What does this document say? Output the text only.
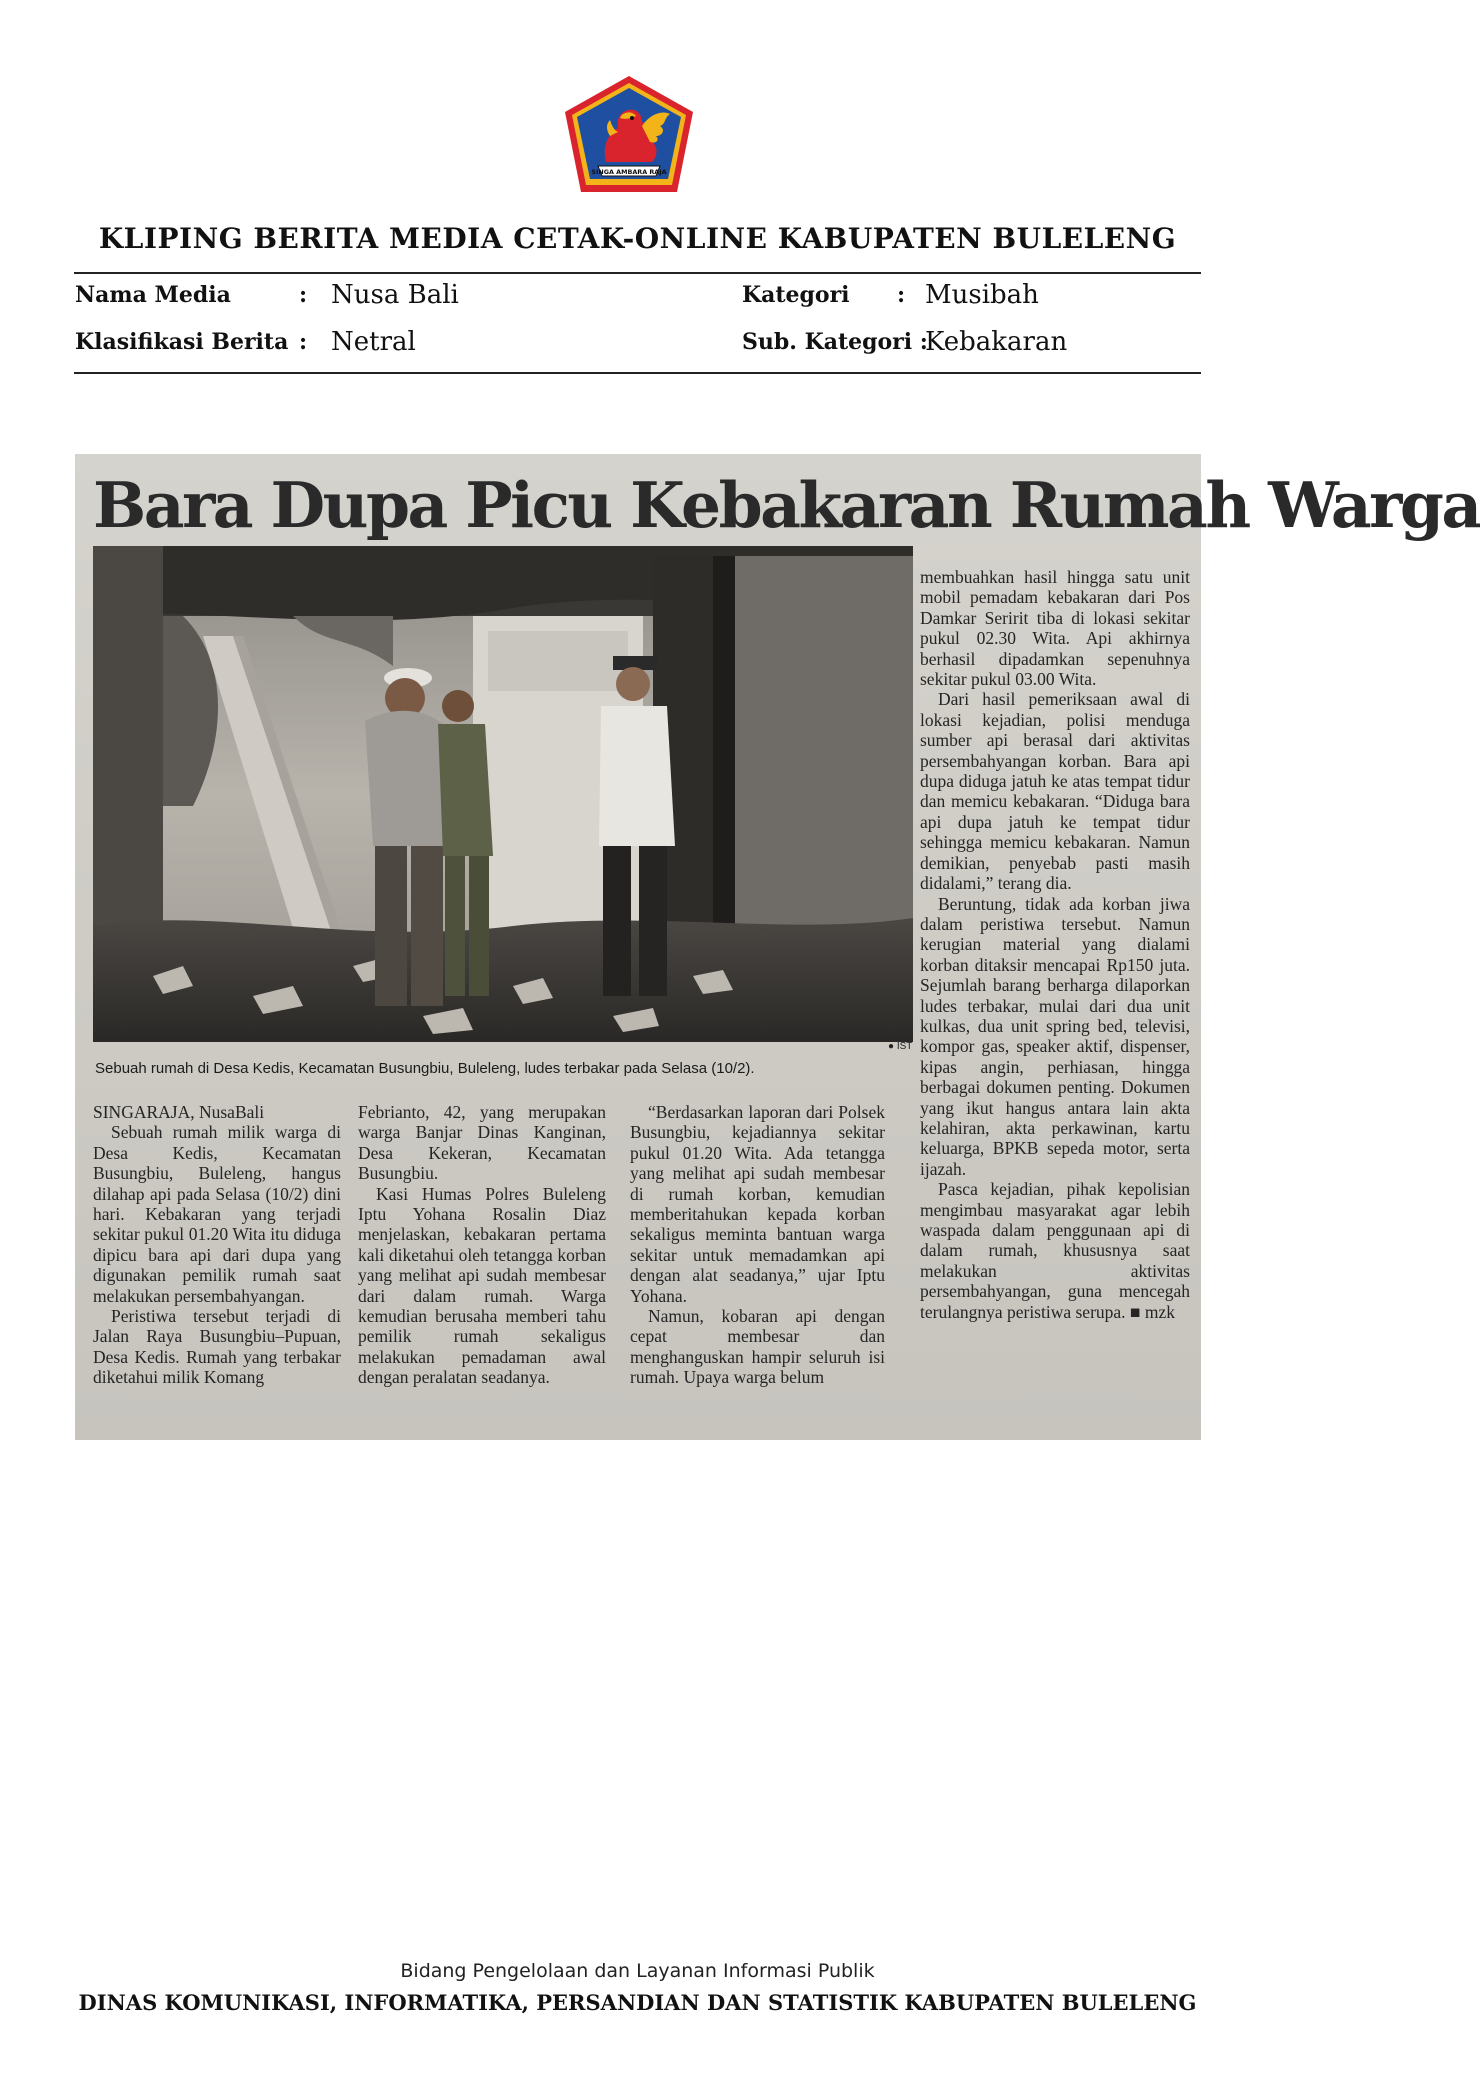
SINGA AMBARA RAJA
KLIPING BERITA MEDIA CETAK-ONLINE KABUPATEN BULELENG
Nama Media	: Nusa Bali	Kategori : Musibah
Klasifikasi Berita : Netral	Sub. Kategori :
Kebakaran
Bara Dupa Picu Kebakaran Rumah Warga
● IST
Sebuah rumah di Desa Kedis, Kecamatan Busungbiu, Buleleng, ludes terbakar pada Selasa (10/2).

SINGARAJA, NusaBali

Sebuah rumah milik warga di Desa Kedis, Kecamatan Busungbiu, Buleleng, hangus dilahap api pada Selasa (10/2) dini hari. Kebakaran yang terjadi sekitar pukul 01.20 Wita itu diduga dipicu bara api dari dupa yang digunakan pemilik rumah saat melakukan persembahyangan.

Peristiwa tersebut terjadi di Jalan Raya Busungbiu–Pupuan, Desa Kedis. Rumah yang terbakar diketahui milik Komang

Febrianto, 42, yang merupakan warga Banjar Dinas Kanginan, Desa Kekeran, Kecamatan Busungbiu.

Kasi Humas Polres Buleleng Iptu Yohana Rosalin Diaz menjelaskan, kebakaran pertama kali diketahui oleh tetangga korban yang melihat api sudah membesar dari dalam rumah. Warga kemudian berusaha memberi tahu pemilik rumah sekaligus melakukan pemadaman awal dengan peralatan seadanya.

“Berdasarkan laporan dari Polsek Busungbiu, kejadiannya sekitar pukul 01.20 Wita. Ada tetangga yang melihat api sudah membesar di rumah korban, kemudian memberitahukan kepada korban sekaligus meminta bantuan warga sekitar untuk memadamkan api dengan alat seadanya,” ujar Iptu Yohana.

Namun, kobaran api dengan cepat membesar dan menghanguskan hampir seluruh isi rumah. Upaya warga belum

membuahkan hasil hingga satu unit mobil pemadam kebakaran dari Pos Damkar Seririt tiba di lokasi sekitar pukul 02.30 Wita. Api akhirnya berhasil dipadamkan sepenuhnya sekitar pukul 03.00 Wita.

Dari hasil pemeriksaan awal di lokasi kejadian, polisi menduga sumber api berasal dari aktivitas persembahyangan korban. Bara api dupa diduga jatuh ke atas tempat tidur dan memicu kebakaran. “Diduga bara api dupa jatuh ke tempat tidur sehingga memicu kebakaran. Namun demikian, penyebab pasti masih didalami,” terang dia.

Beruntung, tidak ada korban jiwa dalam peristiwa tersebut. Namun kerugian material yang dialami korban ditaksir mencapai Rp150 juta. Sejumlah barang berharga dilaporkan ludes terbakar, mulai dari dua unit kulkas, dua unit spring bed, televisi, kompor gas, speaker aktif, dispenser, kipas angin, perhiasan, hingga berbagai dokumen penting. Dokumen yang ikut hangus antara lain akta kelahiran, akta perkawinan, kartu keluarga, BPKB sepeda motor, serta ijazah.

Pasca kejadian, pihak kepolisian mengimbau masyarakat agar lebih waspada dalam penggunaan api di dalam rumah, khususnya saat melakukan aktivitas persembahyangan, guna mencegah terulangnya peristiwa serupa. ■ mzk

Bidang Pengelolaan dan Layanan Informasi Publik
DINAS KOMUNIKASI, INFORMATIKA, PERSANDIAN DAN STATISTIK KABUPATEN BULELENG
